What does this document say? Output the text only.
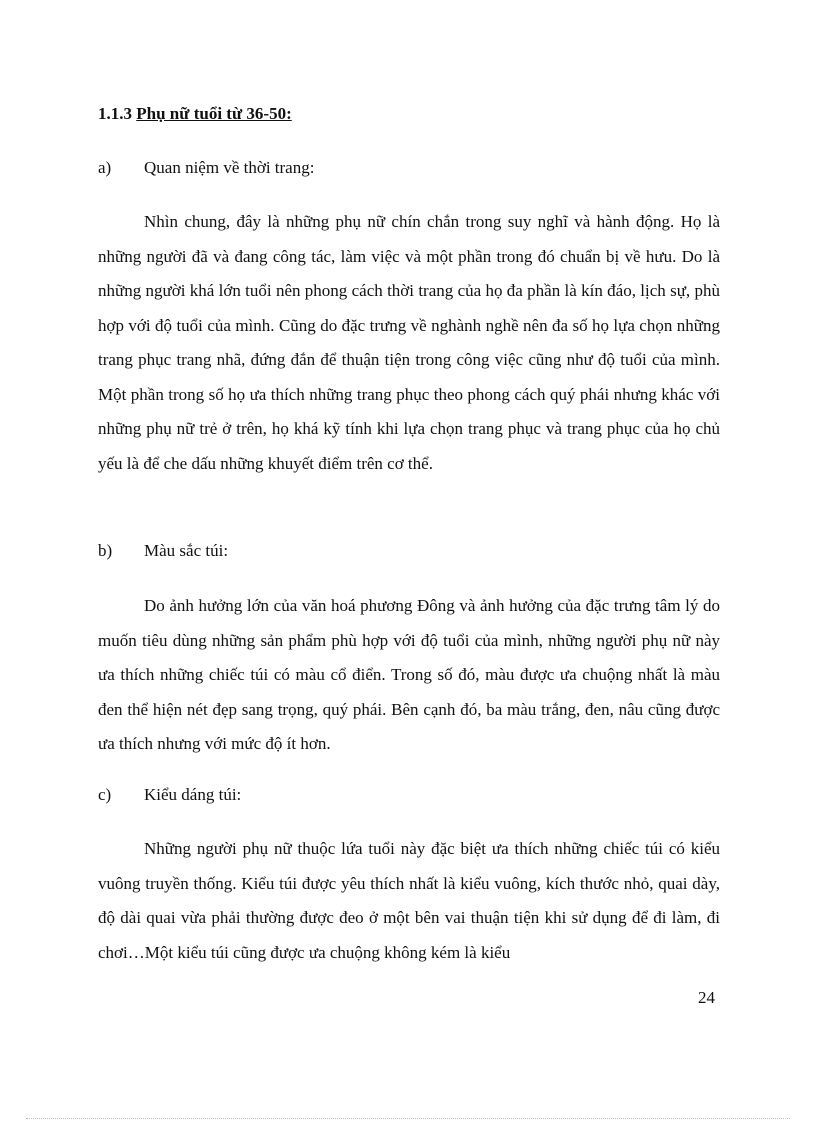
1.1.3 Phụ nữ tuổi từ 36-50:
a) Quan niệm về thời trang:

Nhìn chung, đây là những phụ nữ chín chắn trong suy nghĩ và hành động. Họ là những người đã và đang công tác, làm việc và một phần trong đó chuẩn bị về hưu. Do là những người khá lớn tuổi nên phong cách thời trang của họ đa phần là kín đáo, lịch sự, phù hợp với độ tuổi của mình. Cũng do đặc trưng về nghành nghề nên đa số họ lựa chọn những trang phục trang nhã, đứng đắn để thuận tiện trong công việc cũng như độ tuổi của mình. Một phần trong số họ ưa thích những trang phục theo phong cách quý phái nhưng khác với những phụ nữ trẻ ở trên, họ khá kỹ tính khi lựa chọn trang phục và trang phục của họ chủ yếu là để che dấu những khuyết điểm trên cơ thể.

b) Màu sắc túi:

Do ảnh hưởng lớn của văn hoá phương Đông và ảnh hưởng của đặc trưng tâm lý do muốn tiêu dùng những sản phẩm phù hợp với độ tuổi của mình, những người phụ nữ này ưa thích những chiếc túi có màu cổ điển. Trong số đó, màu được ưa chuộng nhất là màu đen thể hiện nét đẹp sang trọng, quý phái. Bên cạnh đó, ba màu trắng, đen, nâu cũng được ưa thích nhưng với mức độ ít hơn.

c) Kiểu dáng túi:

Những người phụ nữ thuộc lứa tuổi này đặc biệt ưa thích những chiếc túi có kiểu vuông truyền thống. Kiểu túi được yêu thích nhất là kiểu vuông, kích thước nhỏ, quai dày, độ dài quai vừa phải thường được đeo ở một bên vai thuận tiện khi sử dụng để đi làm, đi chơi…Một kiểu túi cũng được ưa chuộng không kém là kiểu

24
